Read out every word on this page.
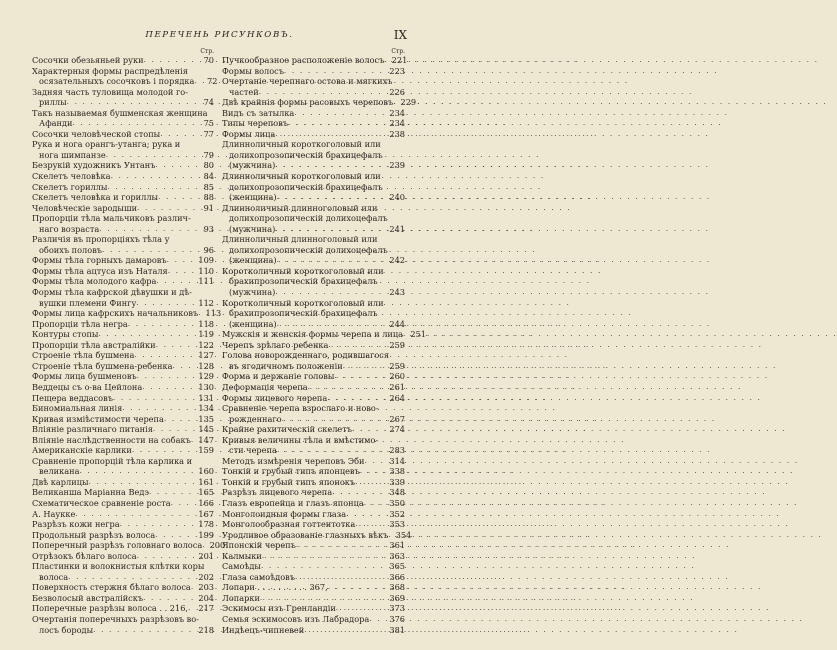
ПЕРЕЧЕНЬ РИСУНКОВЪ.	IX
Стр.
Сосочки обезьяньей руки . . .	70
Характерныя формы распредѣленія
осязательныхъ сосочковъ і порядка . . .	72
Задняя часть туловища молодой го-
риллы . . .	74
Такъ называемая бушменская женщина
Афанди . . .	75
Сосочки человѣческой стопы . . .	77
Рука и нога орангъ-утанга; рука и
нога шимпанзе . . .	79
Безрукій художникъ Унтанъ . . .	80
Скелетъ человѣка . . .	84
Скелетъ гориллы . . .	85
Скелетъ человѣка и гориллы . . .	88
Человѣческіе зародыши . . .	91
Пропорціи тѣла мальчиковъ различ-
наго возраста . . .	93
Различія въ пропорціяхъ тѣла у
обоихъ половъ . . .	96
Формы тѣла горныхъ дамаровъ . . .	109
Формы тѣла ацтуса изъ Наталя . . .	110
Формы тѣла молодого кафра . . .	111
Формы тѣла кафрской дѣвушки и дѣ-
вушки племени Фингу . . .	112
Формы лица кафрскихъ начальниковъ . . . 113
Пропорціи тѣла негра . . .	118
Контуры стопы . . .	119
Пропорціи тѣла австралійки . . .	122
Строеніе тѣла бушмена . . .	127
Строеніе тѣла бушмена-ребенка . . .	128
Формы лица бушменовъ . . .	129
Веддецы съ о-ва Цейлона . . .	130
Пещера веддасовъ . . .	131
Биномиальная линія . . .	134
Кривая изміѣстимости черепа . . .	135
Вліяніе различнаго питанія . . .	145
Вліяніе наслѣдственности на собакъ . . . 147
Американскіе карлики . . .	159
Сравненіе пропорцій тѣла карлика и
великана . . .	160
Двѣ карлицы . . .	161
Великанша Маріанна Ведэ . . .	165
Схематическое сравненіе роста . . .	166
А. Наукке . . .	167
Разрѣзъ кожи негра . . .	178
Продольный разрѣзъ волоса . . .	199
Поперечный разрѣзъ головнаго волоса . . . 200
Отрѣзокъ бѣлаго волоса . . .	201
Пластинки и волокнистыя клѣтки коры
волоса . . .	202
Поверхность стержня бѣлаго волоса . . . 203
Безволосый австралійскъ . . .	204
Поперечные разрѣзы волоса . . 216, . . .	217
Очертанія поперечныхъ разрѣзовъ во-
лосъ бороды . . .	218
Стр.
Пучкообразное расположеніе волосъ . . . 221
Формы волосъ . . .	223
Очертаніе черепнаго остова и мягкихъ
частей . . .	226
Двѣ крайнія формы расовыхъ череповъ . . . 229
Видъ съ затылка . . .	234
Типы череповъ . . .	234
Формы лица . . .	238
Длинноличный короткоголовый или
долихопрозопическій брахицефалъ
(мужчина) . . .	239
Длинноличный короткоголовый или
долихопрозопическій брахицефалъ
(женщина) . . .	240
Длинноличный длинноголовый или
долихопрозопическій долихоцефалъ
(мужчина) . . .	241
Длинноличный длинноголовый или
долихопрозопическій долихоцефалъ
(женщина) . . .	242
Коротколичный короткоголовый или
брахипрозопическій брахицефалъ
(мужчина) . . .	243
Коротколичный короткоголовый или
брахипрозопическій брахицефалъ
(женщина) . . .	244
Мужскія и женскія формы черепа и лица . . . 251
Черепъ зрѣлаго ребенка . . .	259
Голова новорожденнаго, родившагося
въ ягодичномъ положеніи . . .	259
Форма и держаніе головы . . .	260
Деформація черепа . . .	261
Формы лицевого черепа . . .	264
Сравненіе черепа взрослаго и ново-
рожденнаго . . .	267
Крайне рахитическій скелетъ . . .	274
Кривыя величины тѣла и вмѣстимо-
сти черепа . . .	283
Методъ измѣренія череповъ Эби . . .	314
Тонкій и грубый типъ японцевъ . . .	338
Тонкій и грубый типъ японокъ . . .	339
Разрѣзъ лицевого черепа . . .	348
Глазъ европейца и глазъ японца . . .	350
Монголоидныя формы глаза . . .	352
Монголообразная готтентотка . . .	353
Уродливое образованіе глазныхъ вѣкъ . . . 354
Японскій черепъ . . .	361
Калмыки . . .	363
Самоѣды . . .	365
Глаза самоѣдовъ . . .	366
Лопари . . . . . . . . . . 367, . . .	368
Лопарки . . .	369
Эскимосы изъ Гренландіи . . .	373
Семья эскимосовъ изъ Лабрадора . . .	376
Индѣецъ-чипневей . . .	381
